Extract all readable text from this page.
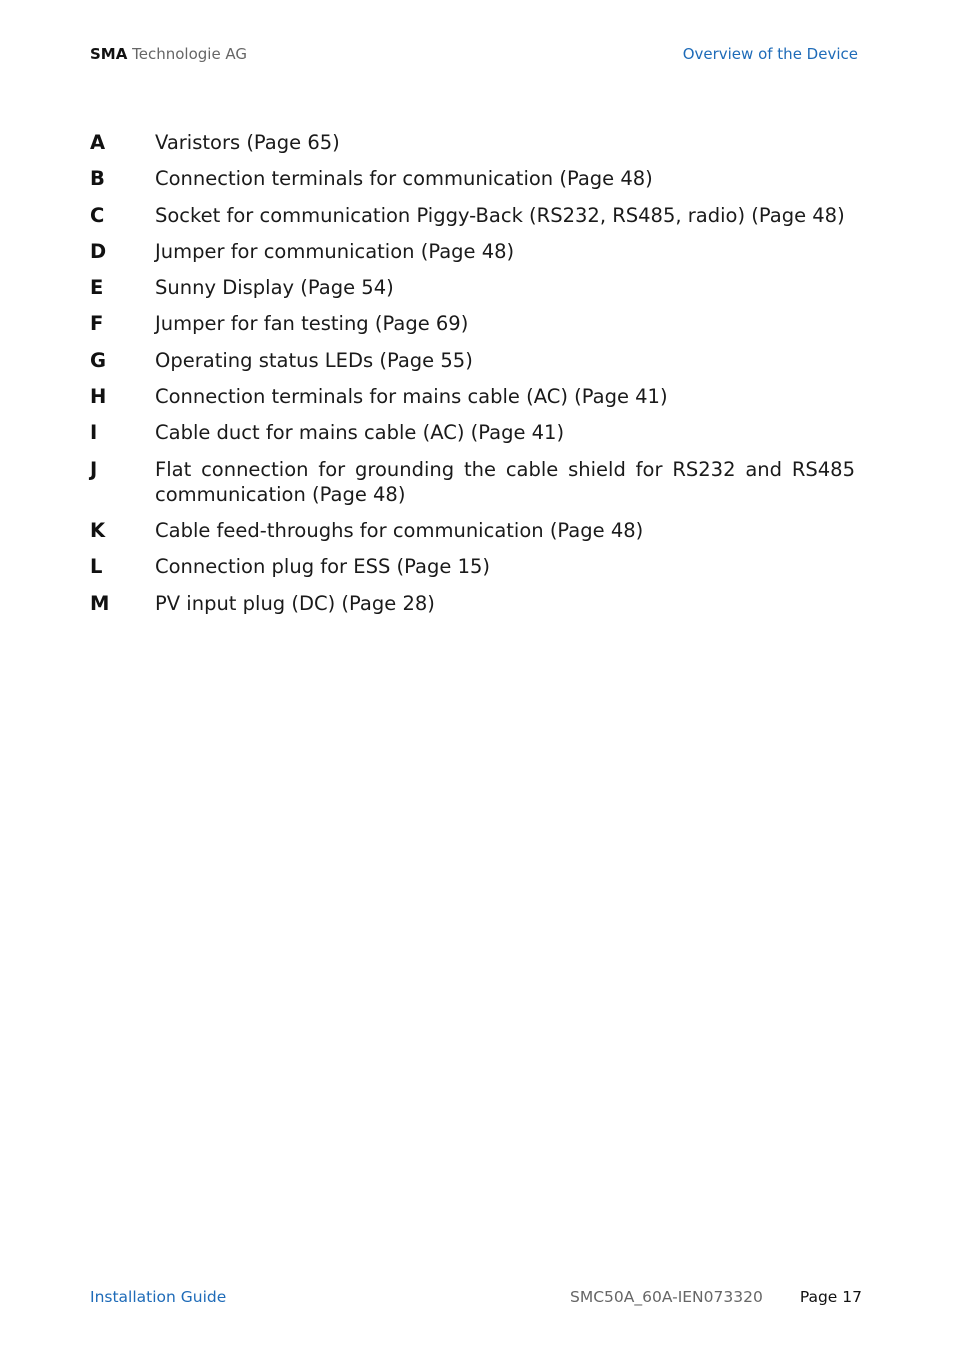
SMA Technologie AG	Overview of the Device
A	Varistors (Page 65)
B	Connection terminals for communication (Page 48)
C	Socket for communication Piggy-Back (RS232, RS485, radio) (Page 48)
D	Jumper for communication (Page 48)
E	Sunny Display (Page 54)
F	Jumper for fan testing (Page 69)
G	Operating status LEDs (Page 55)
H	Connection terminals for mains cable (AC) (Page 41)
I	Cable duct for mains cable (AC) (Page 41)
J	Flat connection for grounding the cable shield for RS232 and RS485 communication (Page 48)
K	Cable feed-throughs for communication (Page 48)
L	Connection plug for ESS (Page 15)
M	PV input plug (DC) (Page 28)
Installation Guide	SMC50A_60A-IEN073320 Page 17
